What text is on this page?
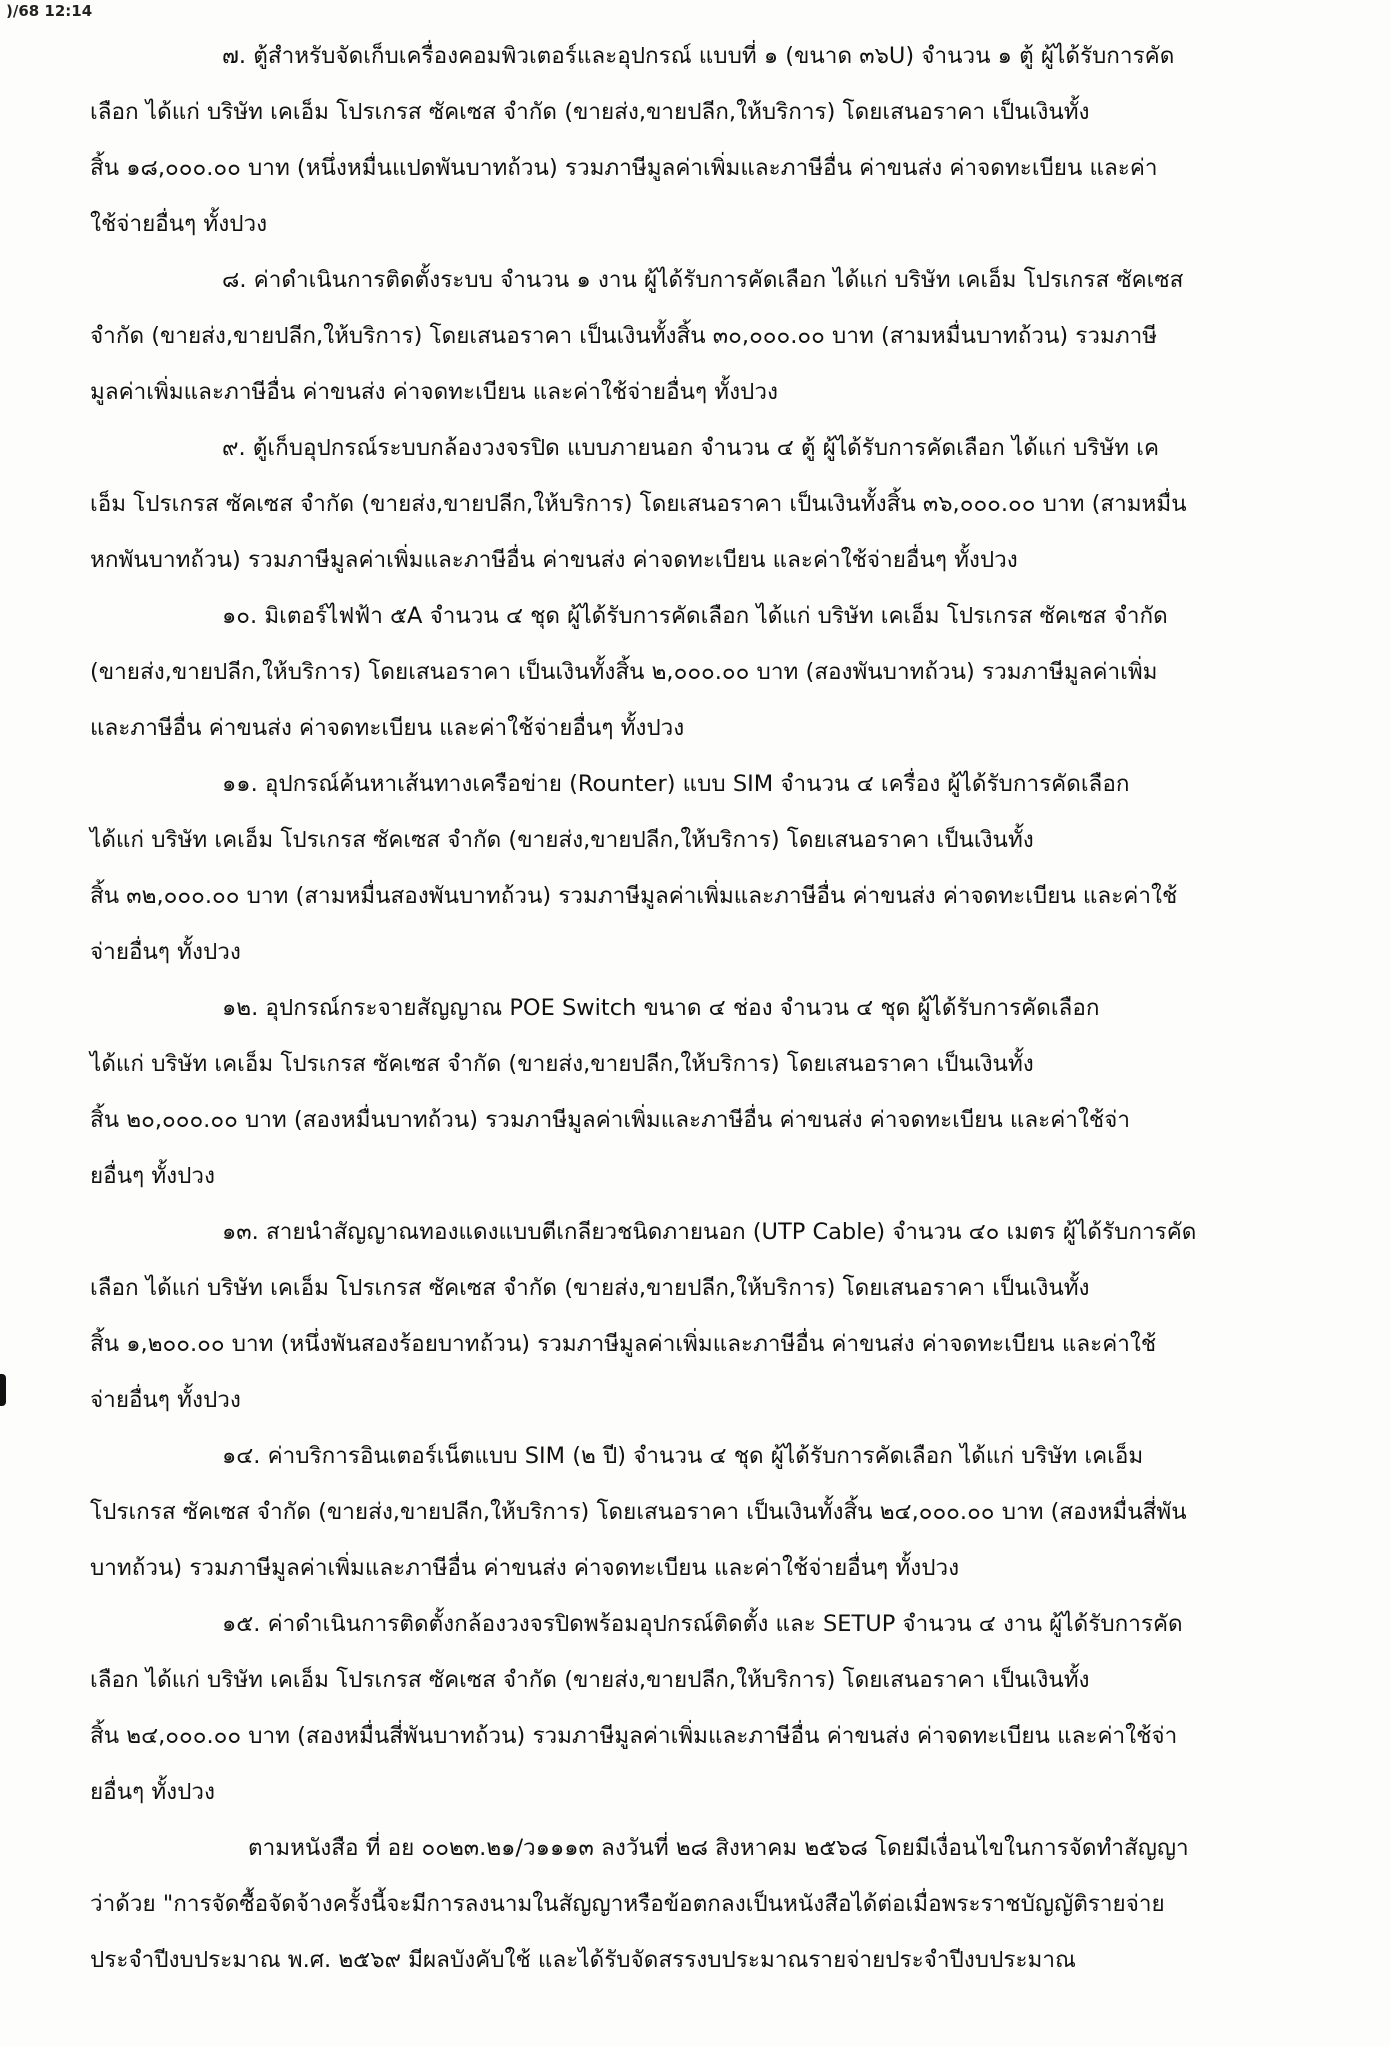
)/68 12:14

๗. ตู้สำหรับจัดเก็บเครื่องคอมพิวเตอร์และอุปกรณ์ แบบที่ ๑ (ขนาด ๓๖U) จำนวน ๑ ตู้ ผู้ได้รับการคัด
เลือก ได้แก่ บริษัท เคเอ็ม โปรเกรส ซัคเซส จำกัด (ขายส่ง,ขายปลีก,ให้บริการ) โดยเสนอราคา เป็นเงินทั้ง
สิ้น ๑๘,๐๐๐.๐๐ บาท (หนึ่งหมื่นแปดพันบาทถ้วน) รวมภาษีมูลค่าเพิ่มและภาษีอื่น ค่าขนส่ง ค่าจดทะเบียน และค่า
ใช้จ่ายอื่นๆ ทั้งปวง

๘. ค่าดำเนินการติดตั้งระบบ จำนวน ๑ งาน ผู้ได้รับการคัดเลือก ได้แก่ บริษัท เคเอ็ม โปรเกรส ซัคเซส
จำกัด (ขายส่ง,ขายปลีก,ให้บริการ) โดยเสนอราคา เป็นเงินทั้งสิ้น ๓๐,๐๐๐.๐๐ บาท (สามหมื่นบาทถ้วน) รวมภาษี
มูลค่าเพิ่มและภาษีอื่น ค่าขนส่ง ค่าจดทะเบียน และค่าใช้จ่ายอื่นๆ ทั้งปวง

๙. ตู้เก็บอุปกรณ์ระบบกล้องวงจรปิด แบบภายนอก จำนวน ๔ ตู้ ผู้ได้รับการคัดเลือก ได้แก่ บริษัท เค
เอ็ม โปรเกรส ซัคเซส จำกัด (ขายส่ง,ขายปลีก,ให้บริการ) โดยเสนอราคา เป็นเงินทั้งสิ้น ๓๖,๐๐๐.๐๐ บาท (สามหมื่น
หกพันบาทถ้วน) รวมภาษีมูลค่าเพิ่มและภาษีอื่น ค่าขนส่ง ค่าจดทะเบียน และค่าใช้จ่ายอื่นๆ ทั้งปวง

๑๐. มิเตอร์ไฟฟ้า ๕A จำนวน ๔ ชุด ผู้ได้รับการคัดเลือก ได้แก่ บริษัท เคเอ็ม โปรเกรส ซัคเซส จำกัด
(ขายส่ง,ขายปลีก,ให้บริการ) โดยเสนอราคา เป็นเงินทั้งสิ้น ๒,๐๐๐.๐๐ บาท (สองพันบาทถ้วน) รวมภาษีมูลค่าเพิ่ม
และภาษีอื่น ค่าขนส่ง ค่าจดทะเบียน และค่าใช้จ่ายอื่นๆ ทั้งปวง

๑๑. อุปกรณ์ค้นหาเส้นทางเครือข่าย (Rounter) แบบ SIM จำนวน ๔ เครื่อง ผู้ได้รับการคัดเลือก
ได้แก่ บริษัท เคเอ็ม โปรเกรส ซัคเซส จำกัด (ขายส่ง,ขายปลีก,ให้บริการ) โดยเสนอราคา เป็นเงินทั้ง
สิ้น ๓๒,๐๐๐.๐๐ บาท (สามหมื่นสองพันบาทถ้วน) รวมภาษีมูลค่าเพิ่มและภาษีอื่น ค่าขนส่ง ค่าจดทะเบียน และค่าใช้
จ่ายอื่นๆ ทั้งปวง

๑๒. อุปกรณ์กระจายสัญญาณ POE Switch ขนาด ๔ ช่อง จำนวน ๔ ชุด ผู้ได้รับการคัดเลือก
ได้แก่ บริษัท เคเอ็ม โปรเกรส ซัคเซส จำกัด (ขายส่ง,ขายปลีก,ให้บริการ) โดยเสนอราคา เป็นเงินทั้ง
สิ้น ๒๐,๐๐๐.๐๐ บาท (สองหมื่นบาทถ้วน) รวมภาษีมูลค่าเพิ่มและภาษีอื่น ค่าขนส่ง ค่าจดทะเบียน และค่าใช้จ่า
ยอื่นๆ ทั้งปวง

๑๓. สายนำสัญญาณทองแดงแบบตีเกลียวชนิดภายนอก (UTP Cable) จำนวน ๔๐ เมตร ผู้ได้รับการคัด
เลือก ได้แก่ บริษัท เคเอ็ม โปรเกรส ซัคเซส จำกัด (ขายส่ง,ขายปลีก,ให้บริการ) โดยเสนอราคา เป็นเงินทั้ง
สิ้น ๑,๒๐๐.๐๐ บาท (หนึ่งพันสองร้อยบาทถ้วน) รวมภาษีมูลค่าเพิ่มและภาษีอื่น ค่าขนส่ง ค่าจดทะเบียน และค่าใช้
จ่ายอื่นๆ ทั้งปวง

๑๔. ค่าบริการอินเตอร์เน็ตแบบ SIM (๒ ปี) จำนวน ๔ ชุด ผู้ได้รับการคัดเลือก ได้แก่ บริษัท เคเอ็ม
โปรเกรส ซัคเซส จำกัด (ขายส่ง,ขายปลีก,ให้บริการ) โดยเสนอราคา เป็นเงินทั้งสิ้น ๒๔,๐๐๐.๐๐ บาท (สองหมื่นสี่พัน
บาทถ้วน) รวมภาษีมูลค่าเพิ่มและภาษีอื่น ค่าขนส่ง ค่าจดทะเบียน และค่าใช้จ่ายอื่นๆ ทั้งปวง

๑๕. ค่าดำเนินการติดตั้งกล้องวงจรปิดพร้อมอุปกรณ์ติดตั้ง และ SETUP จำนวน ๔ งาน ผู้ได้รับการคัด
เลือก ได้แก่ บริษัท เคเอ็ม โปรเกรส ซัคเซส จำกัด (ขายส่ง,ขายปลีก,ให้บริการ) โดยเสนอราคา เป็นเงินทั้ง
สิ้น ๒๔,๐๐๐.๐๐ บาท (สองหมื่นสี่พันบาทถ้วน) รวมภาษีมูลค่าเพิ่มและภาษีอื่น ค่าขนส่ง ค่าจดทะเบียน และค่าใช้จ่า
ยอื่นๆ ทั้งปวง

ตามหนังสือ ที่ อย ๐๐๒๓.๒๑/ว๑๑๑๓ ลงวันที่ ๒๘ สิงหาคม ๒๕๖๘ โดยมีเงื่อนไขในการจัดทำสัญญา
ว่าด้วย "การจัดซื้อจัดจ้างครั้งนี้จะมีการลงนามในสัญญาหรือข้อตกลงเป็นหนังสือได้ต่อเมื่อพระราชบัญญัติรายจ่าย
ประจำปีงบประมาณ พ.ศ. ๒๕๖๙ มีผลบังคับใช้ และได้รับจัดสรรงบประมาณรายจ่ายประจำปีงบประมาณ
